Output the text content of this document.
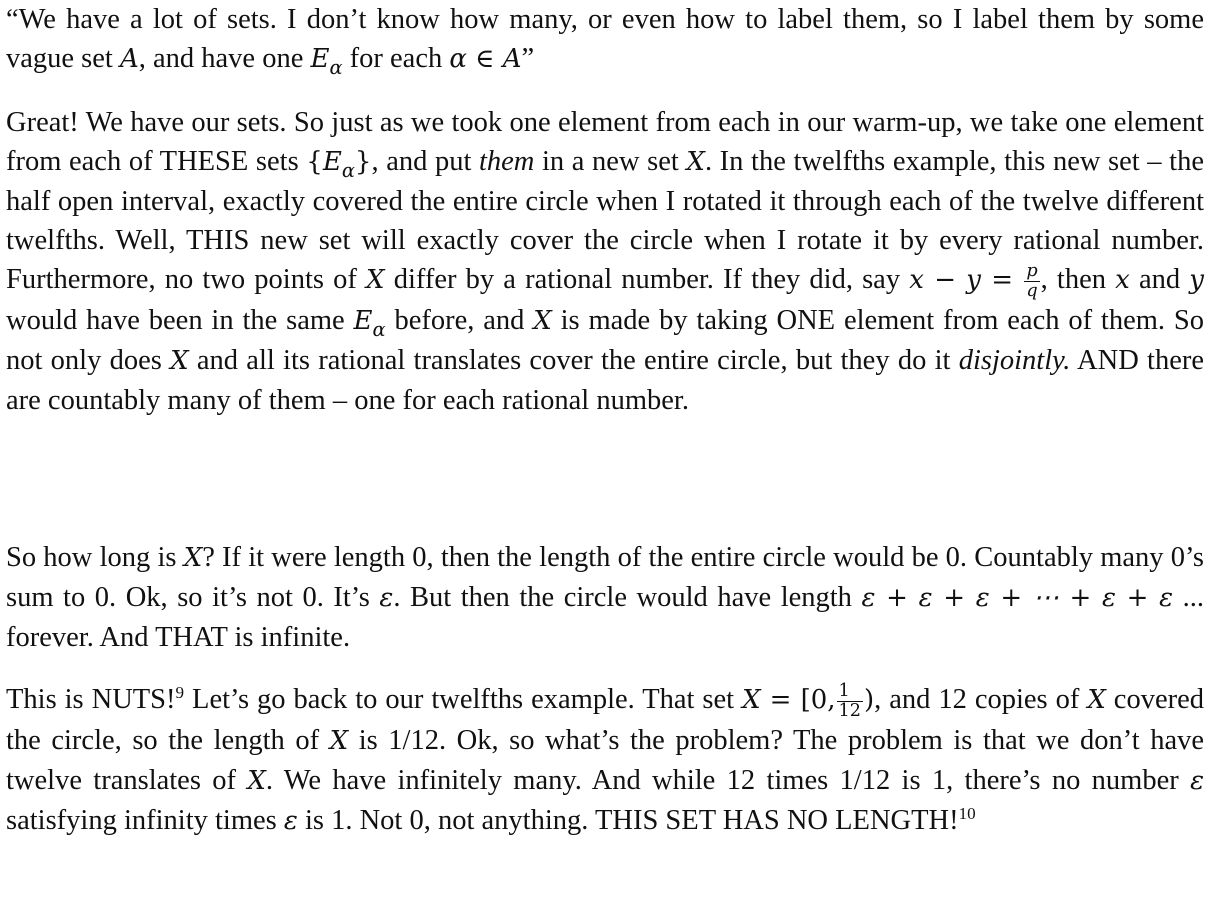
“We have a lot of sets. I don’t know how many, or even how to label them, so I label them by some vague set A, and have one $E_\alpha$ for each α ∈ A”

Great! We have our sets. So just as we took one element from each in our warm-up, we take one element from each of THESE sets $\{E_\alpha\}$, and put them in a new set X. In the twelfths example, this new set – the half open interval, exactly covered the entire circle when I rotated it through each of the twelve different twelfths. Well, THIS new set will exactly cover the circle when I rotate it by every rational number. Furthermore, no two points of X differ by a rational number. If they did, say $x - y = \frac{p}{q}$ , then x and y would have been in the same $E_\alpha$ before, and X is made by taking ONE element from each of them. So not only does X and all its rational translates cover the entire circle, but they do it disjointly. AND there are countably many of them – one for each rational number.

So how long is X? If it were length 0, then the length of the entire circle would be 0. Countably many 0’s sum to 0. Ok, so it’s not 0. It’s ε. But then the circle would have length ε + ε + ε + ⋯ + ε + ε ... forever. And THAT is infinite.

This is NUTS!$^9$ Let’s go back to our twelfths example. That set X = [0, $\frac{1}{12}$ ), and 12 copies of X covered the circle, so the length of X is 1/12. Ok, so what’s the problem? The problem is that we don’t have twelve translates of X. We have infinitely many. And while 12 times 1/12 is 1, there’s no number ε satisfying infinity times ε is 1. Not 0, not anything. THIS SET HAS NO LENGTH!$^{10}$
